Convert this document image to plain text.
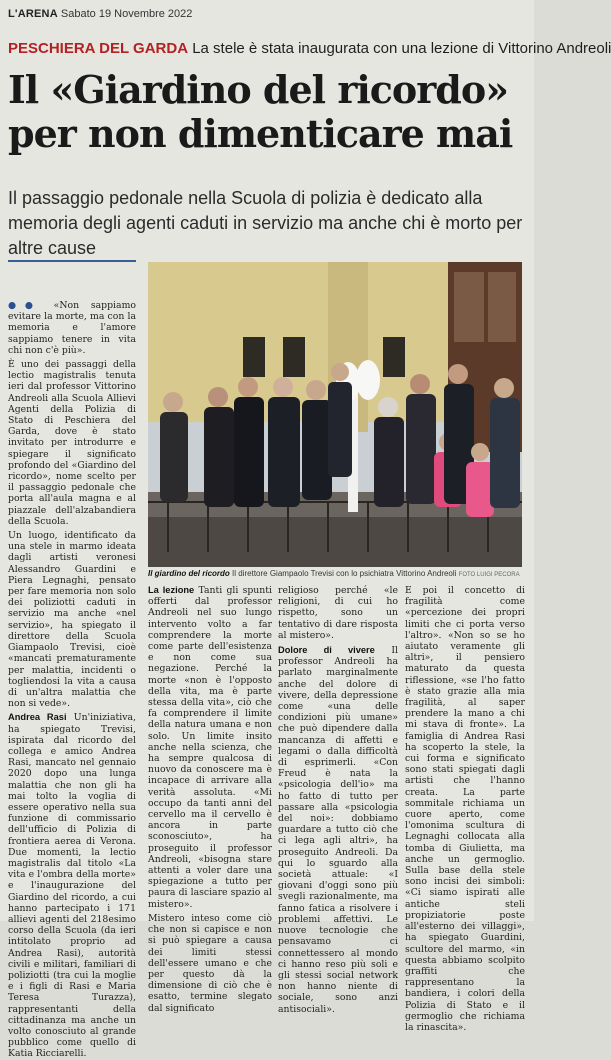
L'ARENA Sabato 19 Novembre 2022
PESCHIERA DEL GARDA La stele è stata inaugurata con una lezione di Vittorino Andreoli
Il «Giardino del ricordo»
per non dimenticare mai
Il passaggio pedonale nella Scuola di polizia è dedicato alla memoria degli agenti caduti in servizio ma anche chi è morto per altre cause
Il giardino del ricordo Il direttore Giampaolo Trevisi con lo psichiatra Vittorino Andreoli FOTO LUIGI PECORA

●● «Non sappiamo evitare la morte, ma con la memoria e l'amore sappiamo tenere in vita chi non c'è più».

È uno dei passaggi della lectio magistralis tenuta ieri dal professor Vittorino Andreoli alla Scuola Allievi Agenti della Polizia di Stato di Peschiera del Garda, dove è stato invitato per introdurre e spiegare il significato profondo del «Giardino del ricordo», nome scelto per il passaggio pedonale che porta all'aula magna e al piazzale dell'alzabandiera della Scuola.

Un luogo, identificato da una stele in marmo ideata dagli artisti veronesi Alessandro Guardini e Piera Legnaghi, pensato per fare memoria non solo dei poliziotti caduti in servizio ma anche «nel servizio», ha spiegato il direttore della Scuola Giampaolo Trevisi, cioè «mancati prematuramente per malattia, incidenti o togliendosi la vita a causa di un'altra malattia che non si vede».

Andrea Rasi Un'iniziativa, ha spiegato Trevisi, ispirata dal ricordo del collega e amico Andrea Rasi, mancato nel gennaio 2020 dopo una lunga malattia che non gli ha mai tolto la voglia di essere operativo nella sua funzione di commissario dell'ufficio di Polizia di frontiera aerea di Verona. Due momenti, la lectio magistralis dal titolo «La vita e l'ombra della morte» e l'inaugurazione del Giardino del ricordo, a cui hanno partecipato i 171 allievi agenti del 218esimo corso della Scuola (da ieri intitolato proprio ad Andrea Rasi), autorità civili e militari, familiari di poliziotti (tra cui la moglie e i figli di Rasi e Maria Teresa Turazza), rappresentanti della cittadinanza ma anche un volto conosciuto al grande pubblico come quello di Katia Ricciarelli.

La lezione Tanti gli spunti offerti dal professor Andreoli nel suo lungo intervento volto a far comprendere la morte come parte dell'esistenza e non come sua negazione. Perché la morte «non è l'opposto della vita, ma è parte stessa della vita», ciò che fa comprendere il limite della natura umana e non solo. Un limite insito anche nella scienza, che ha sempre qualcosa di nuovo da conoscere ma è incapace di arrivare alla verità assoluta. «Mi occupo da tanti anni del cervello ma il cervello è ancora in parte sconosciuto», ha proseguito il professor Andreoli, «bisogna stare attenti a voler dare una spiegazione a tutto per paura di lasciare spazio al mistero».

Mistero inteso come ciò che non si capisce e non si può spiegare a causa dei limiti stessi dell'essere umano e che per questo dà la dimensione di ciò che è esatto, termine slegato dal significato

religioso perché «le religioni, di cui ho rispetto, sono un tentativo di dare risposta al mistero».

Dolore di vivere Il professor Andreoli ha parlato marginalmente anche del dolore di vivere, della depressione come «una delle condizioni più umane» che può dipendere dalla mancanza di affetti e legami o dalla difficoltà di esprimerli. «Con Freud è nata la «psicologia dell'io» ma ho fatto di tutto per passare alla «psicologia del noi»: dobbiamo guardare a tutto ciò che ci lega agli altri», ha proseguito Andreoli. Da qui lo sguardo alla società attuale: «I giovani d'oggi sono più svegli razionalmente, ma fanno fatica a risolvere i problemi affettivi. Le nuove tecnologie che pensavamo ci connettessero al mondo ci hanno reso più soli e gli stessi social network non hanno niente di sociale, sono anzi antisociali».

E poi il concetto di fragilità come «percezione dei propri limiti che ci porta verso l'altro». «Non so se ho aiutato veramente gli altri», il pensiero maturato da questa riflessione, «se l'ho fatto è stato grazie alla mia fragilità, al saper prendere la mano a chi mi stava di fronte». La famiglia di Andrea Rasi ha scoperto la stele, la cui forma e significato sono stati spiegati dagli artisti che l'hanno creata. La parte sommitale richiama un cuore aperto, come l'omonima scultura di Legnaghi collocata alla tomba di Giulietta, ma anche un germoglio. Sulla base della stele sono incisi dei simboli: «Ci siamo ispirati alle antiche steli propiziatorie poste all'esterno dei villaggi», ha spiegato Guardini, scultore del marmo, «in questa abbiamo scolpito graffiti che rappresentano la bandiera, i colori della Polizia di Stato e il germoglio che richiama la rinascita».
